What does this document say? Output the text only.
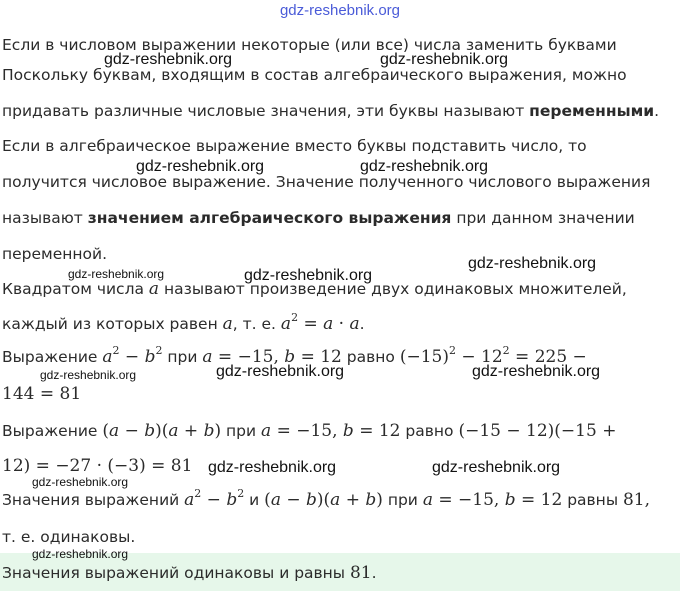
gdz-reshebnik.org
Если в числовом выражении некоторые (или все) числа заменить буквами
Поскольку буквам, входящим в состав алгебраического выражения, можно
придавать различные числовые значения, эти буквы называют переменными.
Если в алгебраическое выражение вместо буквы подставить число, то
получится числовое выражение. Значение полученного числового выражения
называют значением алгебраического выражения при данном значении
переменной.
Квадратом числа a называют произведение двух одинаковых множителей,
каждый из которых равен a, т. е. $a^2 = a \cdot a$.
Выражение $a^2 - b^2$ при a = −15, b = 12 равно $(-15)^2 - 12^2 = 225$ −
144 = 81
Выражение (a − b)(a + b) при a = −15, b = 12 равно (−15 − 12)(−15 +
12) = −27 · (−3) = 81
Значения выражений $a^2 - b^2$ и (a − b)(a + b) при a = −15, b = 12 равны 81,
т. е. одинаковы.
Значения выражений одинаковы и равны 81.
gdz-reshebnik.org	gdz-reshebnik.org
gdz-reshebnik.org	gdz-reshebnik.org
gdz-reshebnik.org	gdz-reshebnik.org
gdz-reshebnik.org
gdz-reshebnik.org	gdz-reshebnik.org	gdz-reshebnik.org
gdz-reshebnik.org	gdz-reshebnik.org
gdz-reshebnik.org
gdz-reshebnik.org
